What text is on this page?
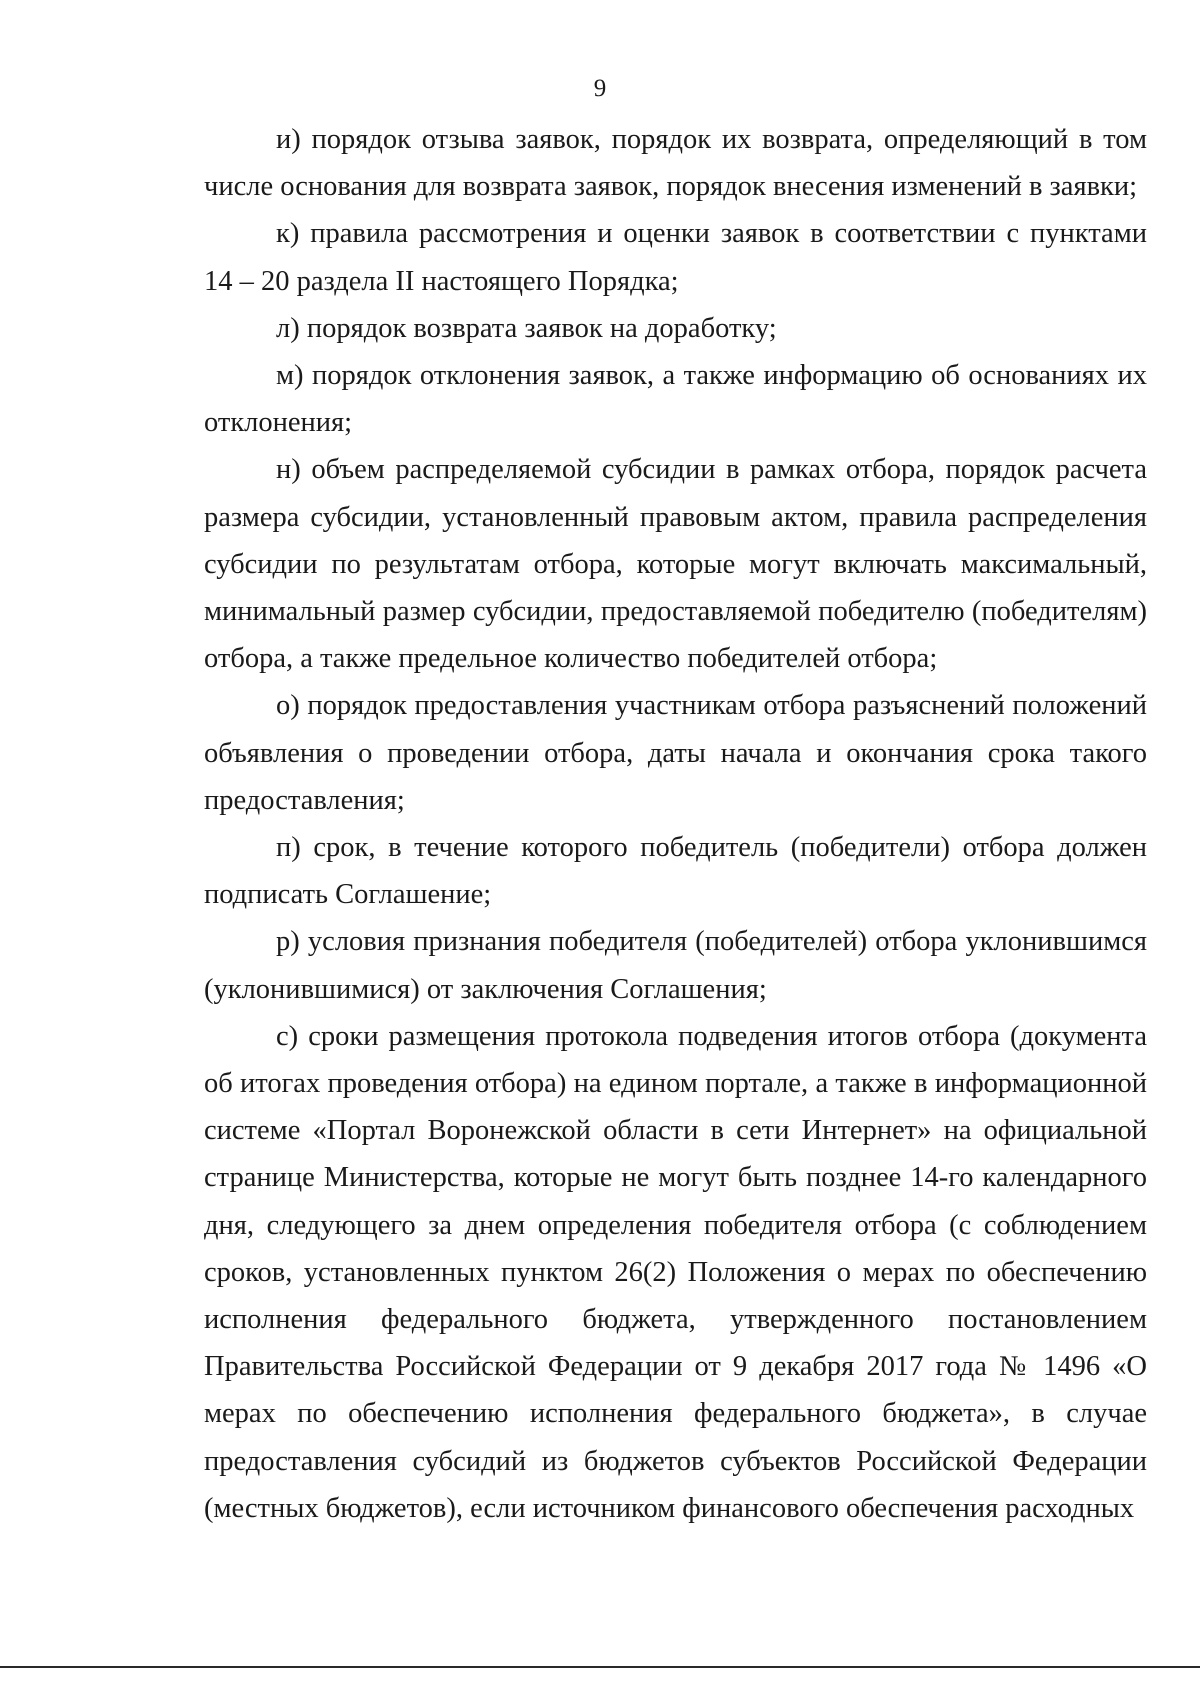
9

и) порядок отзыва заявок, порядок их возврата, определяющий в том числе основания для возврата заявок, порядок внесения изменений в заявки;

к) правила рассмотрения и оценки заявок в соответствии с пунктами 14 – 20 раздела II настоящего Порядка;

л) порядок возврата заявок на доработку;

м) порядок отклонения заявок, а также информацию об основаниях их отклонения;

н) объем распределяемой субсидии в рамках отбора, порядок расчета размера субсидии, установленный правовым актом, правила распределения субсидии по результатам отбора, которые могут включать максимальный, минимальный размер субсидии, предоставляемой победителю (победителям) отбора, а также предельное количество победителей отбора;

о) порядок предоставления участникам отбора разъяснений положений объявления о проведении отбора, даты начала и окончания срока такого предоставления;

п) срок, в течение которого победитель (победители) отбора должен подписать Соглашение;

р) условия признания победителя (победителей) отбора уклонившимся (уклонившимися) от заключения Соглашения;

с) сроки размещения протокола подведения итогов отбора (документа об итогах проведения отбора) на едином портале, а также в информационной системе «Портал Воронежской области в сети Интернет» на официальной странице Министерства, которые не могут быть позднее 14-го календарного дня, следующего за днем определения победителя отбора (с соблюдением сроков, установленных пунктом 26(2) Положения о мерах по обеспечению исполнения федерального бюджета, утвержденного постановлением Правительства Российской Федерации от 9 декабря 2017 года № 1496 «О мерах по обеспечению исполнения федерального бюджета», в случае предоставления субсидий из бюджетов субъектов Российской Федерации (местных бюджетов), если источником финансового обеспечения расходных
